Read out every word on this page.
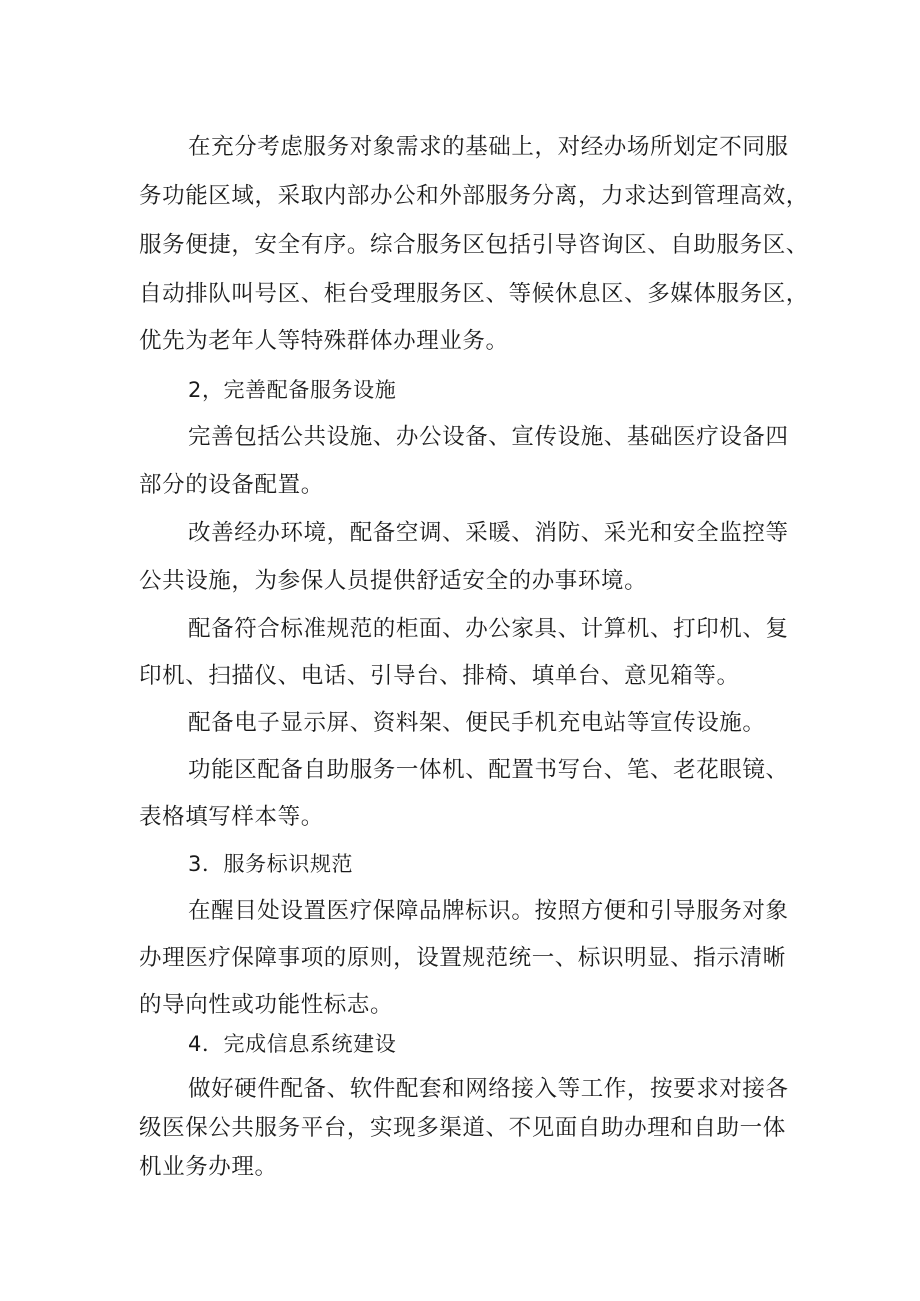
在充分考虑服务对象需求的基础上，对经办场所划定不同服
务功能区域，采取内部办公和外部服务分离，力求达到管理高效，
服务便捷，安全有序。综合服务区包括引导咨询区、自助服务区、
自动排队叫号区、柜台受理服务区、等候休息区、多媒体服务区，
优先为老年人等特殊群体办理业务。
2，完善配备服务设施
完善包括公共设施、办公设备、宣传设施、基础医疗设备四
部分的设备配置。
改善经办环境，配备空调、采暖、消防、采光和安全监控等
公共设施，为参保人员提供舒适安全的办事环境。
配备符合标准规范的柜面、办公家具、计算机、打印机、复
印机、扫描仪、电话、引导台、排椅、填单台、意见箱等。
配备电子显示屏、资料架、便民手机充电站等宣传设施。
功能区配备自助服务一体机、配置书写台、笔、老花眼镜、
表格填写样本等。
3．服务标识规范
在醒目处设置医疗保障品牌标识。按照方便和引导服务对象
办理医疗保障事项的原则，设置规范统一、标识明显、指示清晰
的导向性或功能性标志。
4．完成信息系统建设
做好硬件配备、软件配套和网络接入等工作，按要求对接各
级医保公共服务平台，实现多渠道、不见面自助办理和自助一体
机业务办理。
